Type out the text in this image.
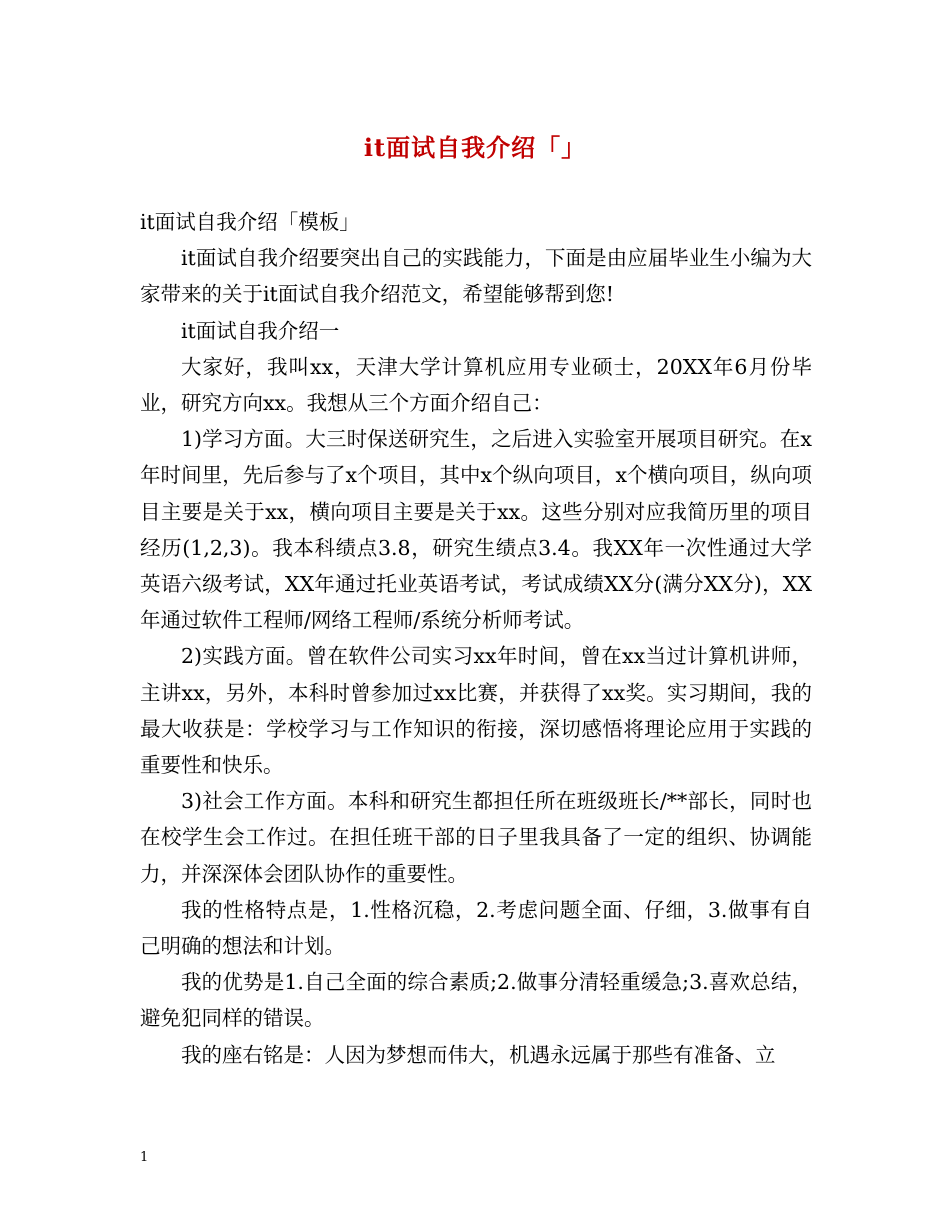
it面试自我介绍「」

it面试自我介绍「模板」

it面试自我介绍要突出自己的实践能力，下面是由应届毕业生小编为大家带来的关于it面试自我介绍范文，希望能够帮到您!

it面试自我介绍一

大家好，我叫xx，天津大学计算机应用专业硕士，20XX年6月份毕业，研究方向xx。我想从三个方面介绍自己：

1)学习方面。大三时保送研究生，之后进入实验室开展项目研究。在x年时间里，先后参与了x个项目，其中x个纵向项目，x个横向项目，纵向项目主要是关于xx，横向项目主要是关于xx。这些分别对应我简历里的项目经历(1,2,3)。我本科绩点3.8，研究生绩点3.4。我XX年一次性通过大学英语六级考试，XX年通过托业英语考试，考试成绩XX分(满分XX分)，XX年通过软件工程师/网络工程师/系统分析师考试。

2)实践方面。曾在软件公司实习xx年时间，曾在xx当过计算机讲师，主讲xx，另外，本科时曾参加过xx比赛，并获得了xx奖。实习期间，我的最大收获是：学校学习与工作知识的衔接，深切感悟将理论应用于实践的重要性和快乐。

3)社会工作方面。本科和研究生都担任所在班级班长/**部长，同时也在校学生会工作过。在担任班干部的日子里我具备了一定的组织、协调能力，并深深体会团队协作的重要性。

我的性格特点是，1.性格沉稳，2.考虑问题全面、仔细，3.做事有自己明确的想法和计划。

我的优势是1.自己全面的综合素质;2.做事分清轻重缓急;3.喜欢总结，避免犯同样的错误。

我的座右铭是：人因为梦想而伟大，机遇永远属于那些有准备、立

1
